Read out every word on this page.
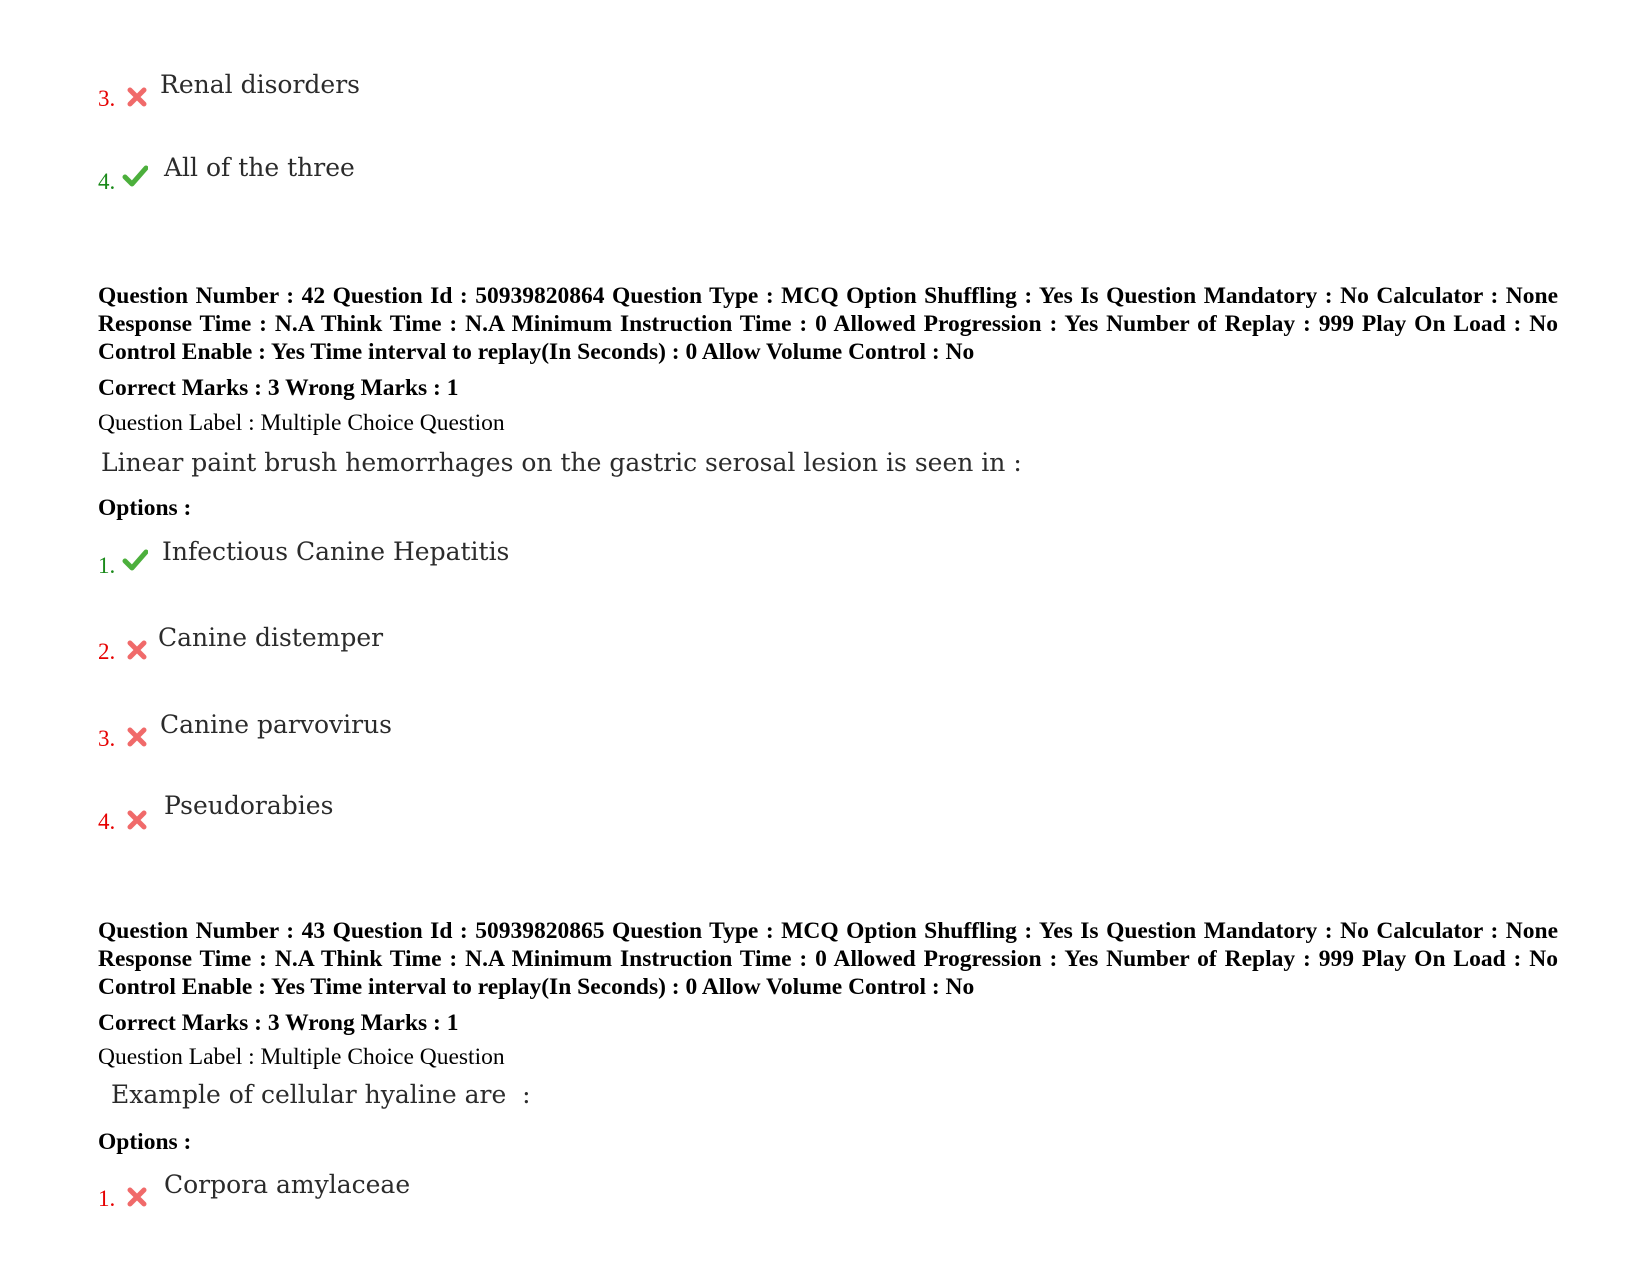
3. Renal disorders
4. All of the three
Question Number : 42 Question Id : 50939820864 Question Type : MCQ Option Shuffling : Yes Is Question Mandatory : No Calculator : None Response Time : N.A Think Time : N.A Minimum Instruction Time : 0 Allowed Progression : Yes Number of Replay : 999 Play On Load : No Control Enable : Yes Time interval to replay(In Seconds) : 0 Allow Volume Control : No
Correct Marks : 3 Wrong Marks : 1
Question Label : Multiple Choice Question
Linear paint brush hemorrhages on the gastric serosal lesion is seen in :
Options :
1. Infectious Canine Hepatitis
2. Canine distemper
3. Canine parvovirus
4.
Pseudorabies
Question Number : 43 Question Id : 50939820865 Question Type : MCQ Option Shuffling : Yes Is Question Mandatory : No Calculator : None Response Time : N.A Think Time : N.A Minimum Instruction Time : 0 Allowed Progression : Yes Number of Replay : 999 Play On Load : No Control Enable : Yes Time interval to replay(In Seconds) : 0 Allow Volume Control : No
Correct Marks : 3 Wrong Marks : 1
Question Label : Multiple Choice Question
Example of cellular hyaline are  :
Options :
1. Corpora amylaceae
